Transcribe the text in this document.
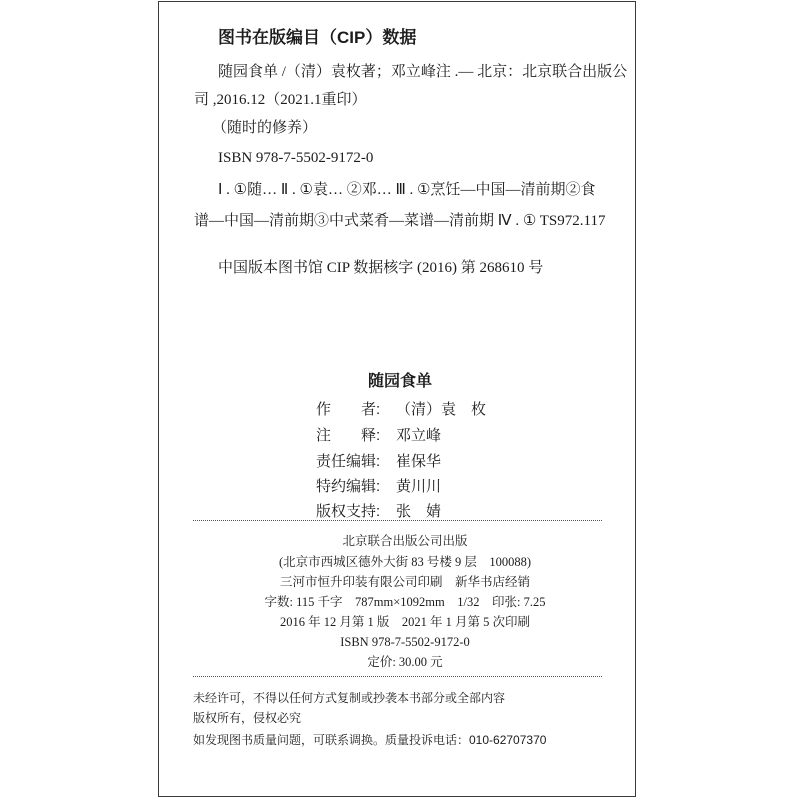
图书在版编目（CIP）数据
随园食单 /（清）袁枚著；邓立峰注 .— 北京：北京联合出版公
司 ,2016.12（2021.1重印）
（随时的修养）
ISBN 978-7-5502-9172-0
Ⅰ . ①随… Ⅱ . ①袁… ②邓… Ⅲ . ①烹饪—中国—清前期②食
谱—中国—清前期③中式菜肴—菜谱—清前期 Ⅳ . ① TS972.117
中国版本图书馆 CIP 数据核字 (2016) 第 268610 号
随园食单
作　　者: （清）袁　枚
注　　释: 邓立峰
责任编辑: 崔保华
特约编辑: 黄川川
版权支持: 张　婧
北京联合出版公司出版
(北京市西城区德外大街 83 号楼 9 层　100088)
三河市恒升印装有限公司印刷　新华书店经销
字数: 115 千字　787mm×1092mm　1/32　印张: 7.25
2016 年 12 月第 1 版　2021 年 1 月第 5 次印刷
ISBN 978-7-5502-9172-0
定价: 30.00 元
未经许可，不得以任何方式复制或抄袭本书部分或全部内容
版权所有，侵权必究
如发现图书质量问题，可联系调换。质量投诉电话：010-62707370
